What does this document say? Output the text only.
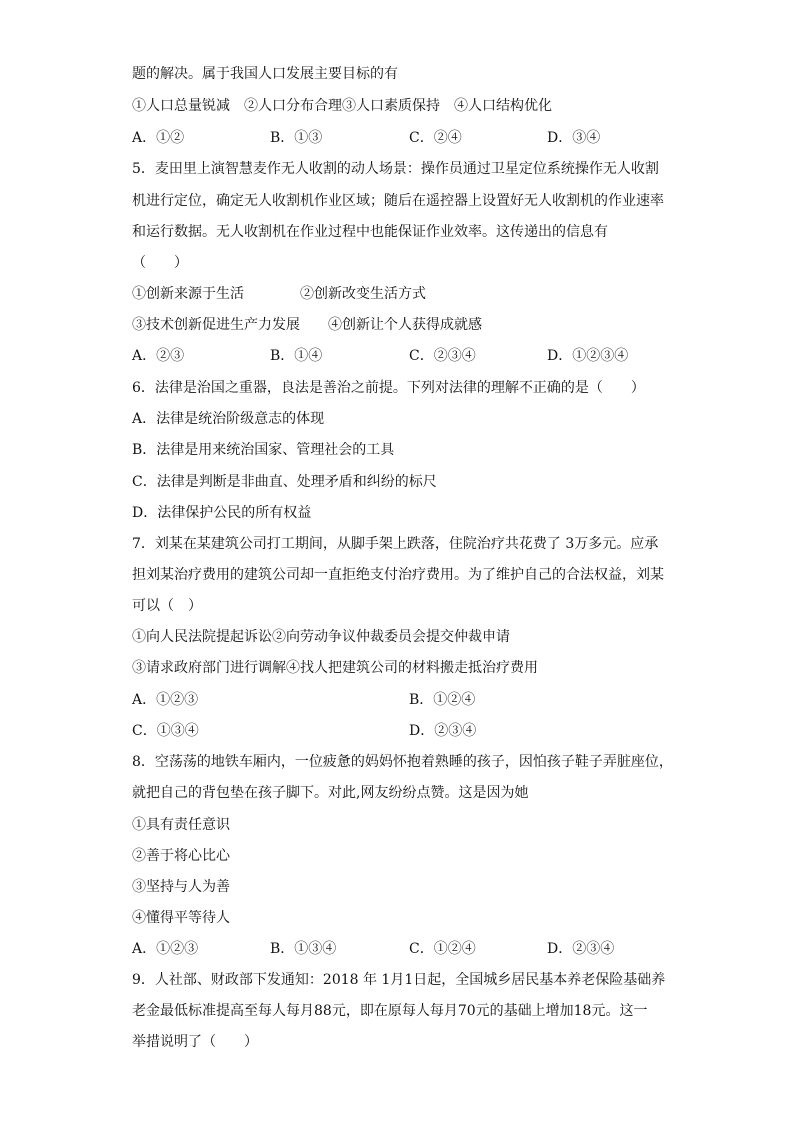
题的解决。属于我国人口发展主要目标的有
①人口总量锐减　②人口分布合理③人口素质保持　④人口结构优化
A．①②	B．①③	C．②④	D．③④
5．麦田里上演智慧麦作无人收割的动人场景：操作员通过卫星定位系统操作无人收割
机进行定位，确定无人收割机作业区域；随后在遥控器上设置好无人收割机的作业速率
和运行数据。无人收割机在作业过程中也能保证作业效率。这传递出的信息有
（　　）
①创新来源于生活　　　　②创新改变生活方式
③技术创新促进生产力发展　　④创新让个人获得成就感
A．②③	B．①④	C．②③④	D．①②③④
6．法律是治国之重器，良法是善治之前提。下列对法律的理解不正确的是（　　）
A．法律是统治阶级意志的体现
B．法律是用来统治国家、管理社会的工具
C．法律是判断是非曲直、处理矛盾和纠纷的标尺
D．法律保护公民的所有权益
7．刘某在某建筑公司打工期间，从脚手架上跌落，住院治疗共花费了 3万多元。应承
担刘某治疗费用的建筑公司却一直拒绝支付治疗费用。为了维护自己的合法权益，刘某
可以（　）
①向人民法院提起诉讼②向劳动争议仲裁委员会提交仲裁申请
③请求政府部门进行调解④找人把建筑公司的材料搬走抵治疗费用
A．①②③	B．①②④
C．①③④	D．②③④
8．空荡荡的地铁车厢内，一位疲惫的妈妈怀抱着熟睡的孩子，因怕孩子鞋子弄脏座位，
就把自己的背包垫在孩子脚下。对此,网友纷纷点赞。这是因为她
①具有责任意识
②善于将心比心
③坚持与人为善
④懂得平等待人
A．①②③	B．①③④	C．①②④	D．②③④
9．人社部、财政部下发通知：2018 年 1月1日起，全国城乡居民基本养老保险基础养
老金最低标准提高至每人每月88元，即在原每人每月70元的基础上增加18元。这一
举措说明了（　　）
